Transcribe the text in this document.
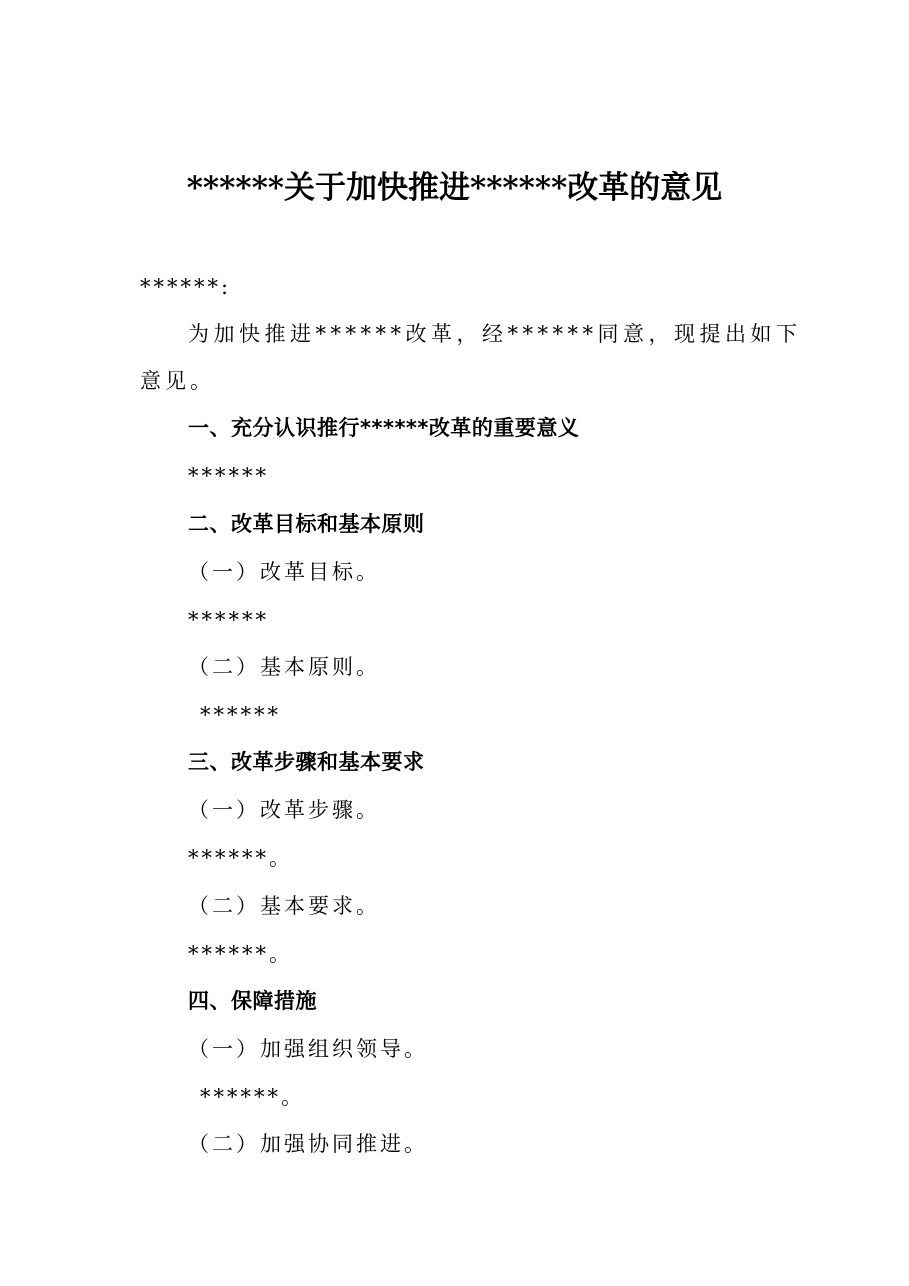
******关于加快推进******改革的意见
******:
为加快推进******改革，经******同意，现提出如下
意见。
一、充分认识推行******改革的重要意义
******
二、改革目标和基本原则
（一）改革目标。
******
（二）基本原则。
******
三、改革步骤和基本要求
（一）改革步骤。
******。
（二）基本要求。
******。
四、保障措施
（一）加强组织领导。
******。
（二）加强协同推进。
